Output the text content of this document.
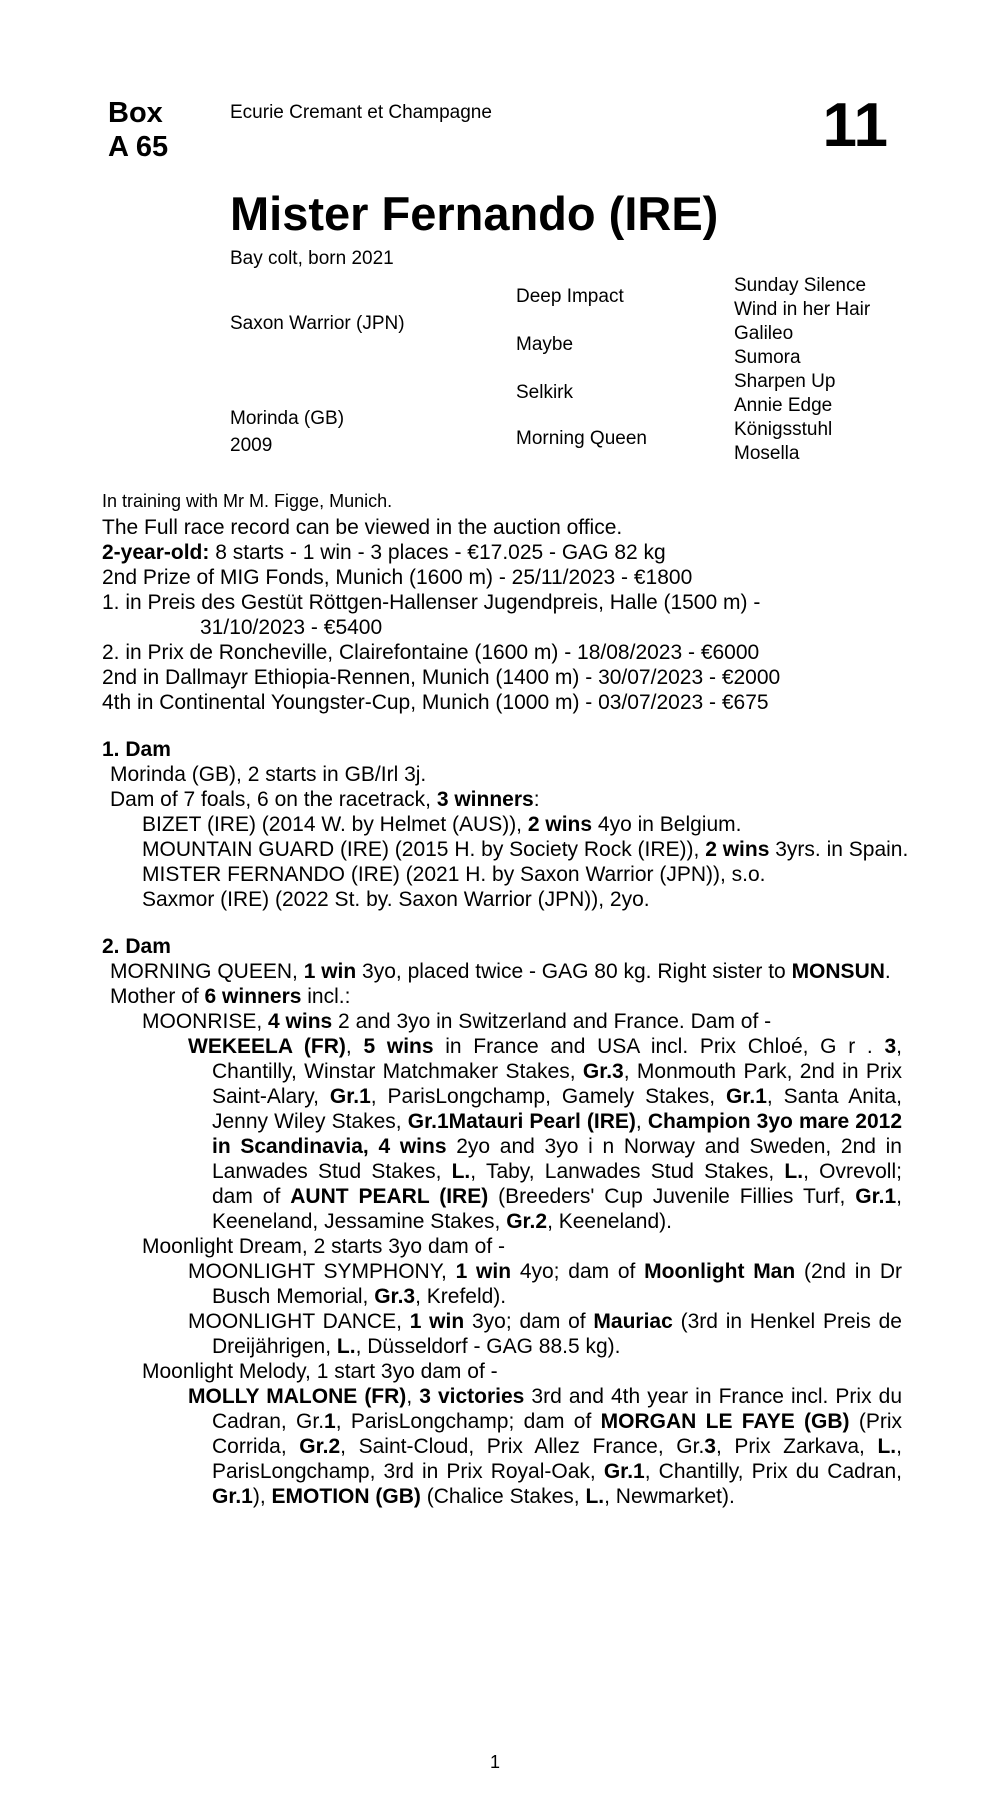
Box
A 65
Ecurie Cremant et Champagne	11
Mister Fernando (IRE)
Bay colt, born 2021
Saxon Warrior (JPN)
Morinda (GB)
2009
Deep Impact
Maybe
Selkirk
Morning Queen
Sunday Silence
Wind in her Hair
Galileo
Sumora
Sharpen Up
Annie Edge
Königsstuhl
Mosella

In training with Mr M. Figge, Munich.

The Full race record can be viewed in the auction office.

2-year-old: 8 starts - 1 win - 3 places - €17.025 - GAG 82 kg

2nd Prize of MIG Fonds, Munich (1600 m) - 25/11/2023 - €1800

1. in Preis des Gestüt Röttgen-Hallenser Jugendpreis, Halle (1500 m) -

31/10/2023 - €5400

2. in Prix de Roncheville, Clairefontaine (1600 m) - 18/08/2023 - €6000

2nd in Dallmayr Ethiopia-Rennen, Munich (1400 m) - 30/07/2023 - €2000

4th in Continental Youngster-Cup, Munich (1000 m) - 03/07/2023 - €675

1. Dam

Morinda (GB), 2 starts in GB/Irl 3j.

Dam of 7 foals, 6 on the racetrack, 3 winners:

BIZET (IRE) (2014 W. by Helmet (AUS)), 2 wins 4yo in Belgium.

MOUNTAIN GUARD (IRE) (2015 H. by Society Rock (IRE)), 2 wins 3yrs. in Spain.

MISTER FERNANDO (IRE) (2021 H. by Saxon Warrior (JPN)), s.o.

Saxmor (IRE) (2022 St. by. Saxon Warrior (JPN)), 2yo.

2. Dam

MORNING QUEEN, 1 win 3yo, placed twice - GAG 80 kg. Right sister to MONSUN.

Mother of 6 winners incl.:

MOONRISE, 4 wins 2 and 3yo in Switzerland and France. Dam of -

WEKEELA (FR), 5 wins in France and USA incl. Prix Chloé, G r . 3, Chantilly, Winstar Matchmaker Stakes, Gr.3, Monmouth Park, 2nd in Prix Saint-Alary, Gr.1, ParisLongchamp, Gamely Stakes, Gr.1, Santa Anita, Jenny Wiley Stakes, Gr.1Matauri Pearl (IRE), Champion 3yo mare 2012 in Scandinavia, 4 wins 2yo and 3yo i n Norway and Sweden, 2nd in Lanwades Stud Stakes, L., Taby, Lanwades Stud Stakes, L., Ovrevoll; dam of AUNT PEARL (IRE) (Breeders' Cup Juvenile Fillies Turf, Gr.1, Keeneland, Jessamine Stakes, Gr.2, Keeneland).

Moonlight Dream, 2 starts 3yo dam of -

MOONLIGHT SYMPHONY, 1 win 4yo; dam of Moonlight Man (2nd in Dr Busch Memorial, Gr.3, Krefeld).

MOONLIGHT DANCE, 1 win 3yo; dam of Mauriac (3rd in Henkel Preis de Dreijährigen, L., Düsseldorf - GAG 88.5 kg).

Moonlight Melody, 1 start 3yo dam of -

MOLLY MALONE (FR), 3 victories 3rd and 4th year in France incl. Prix du Cadran, Gr.1, ParisLongchamp; dam of MORGAN LE FAYE (GB) (Prix Corrida, Gr.2, Saint-Cloud, Prix Allez France, Gr.3, Prix Zarkava, L., ParisLongchamp, 3rd in Prix Royal-Oak, Gr.1, Chantilly, Prix du Cadran, Gr.1), EMOTION (GB) (Chalice Stakes, L., Newmarket).

1
